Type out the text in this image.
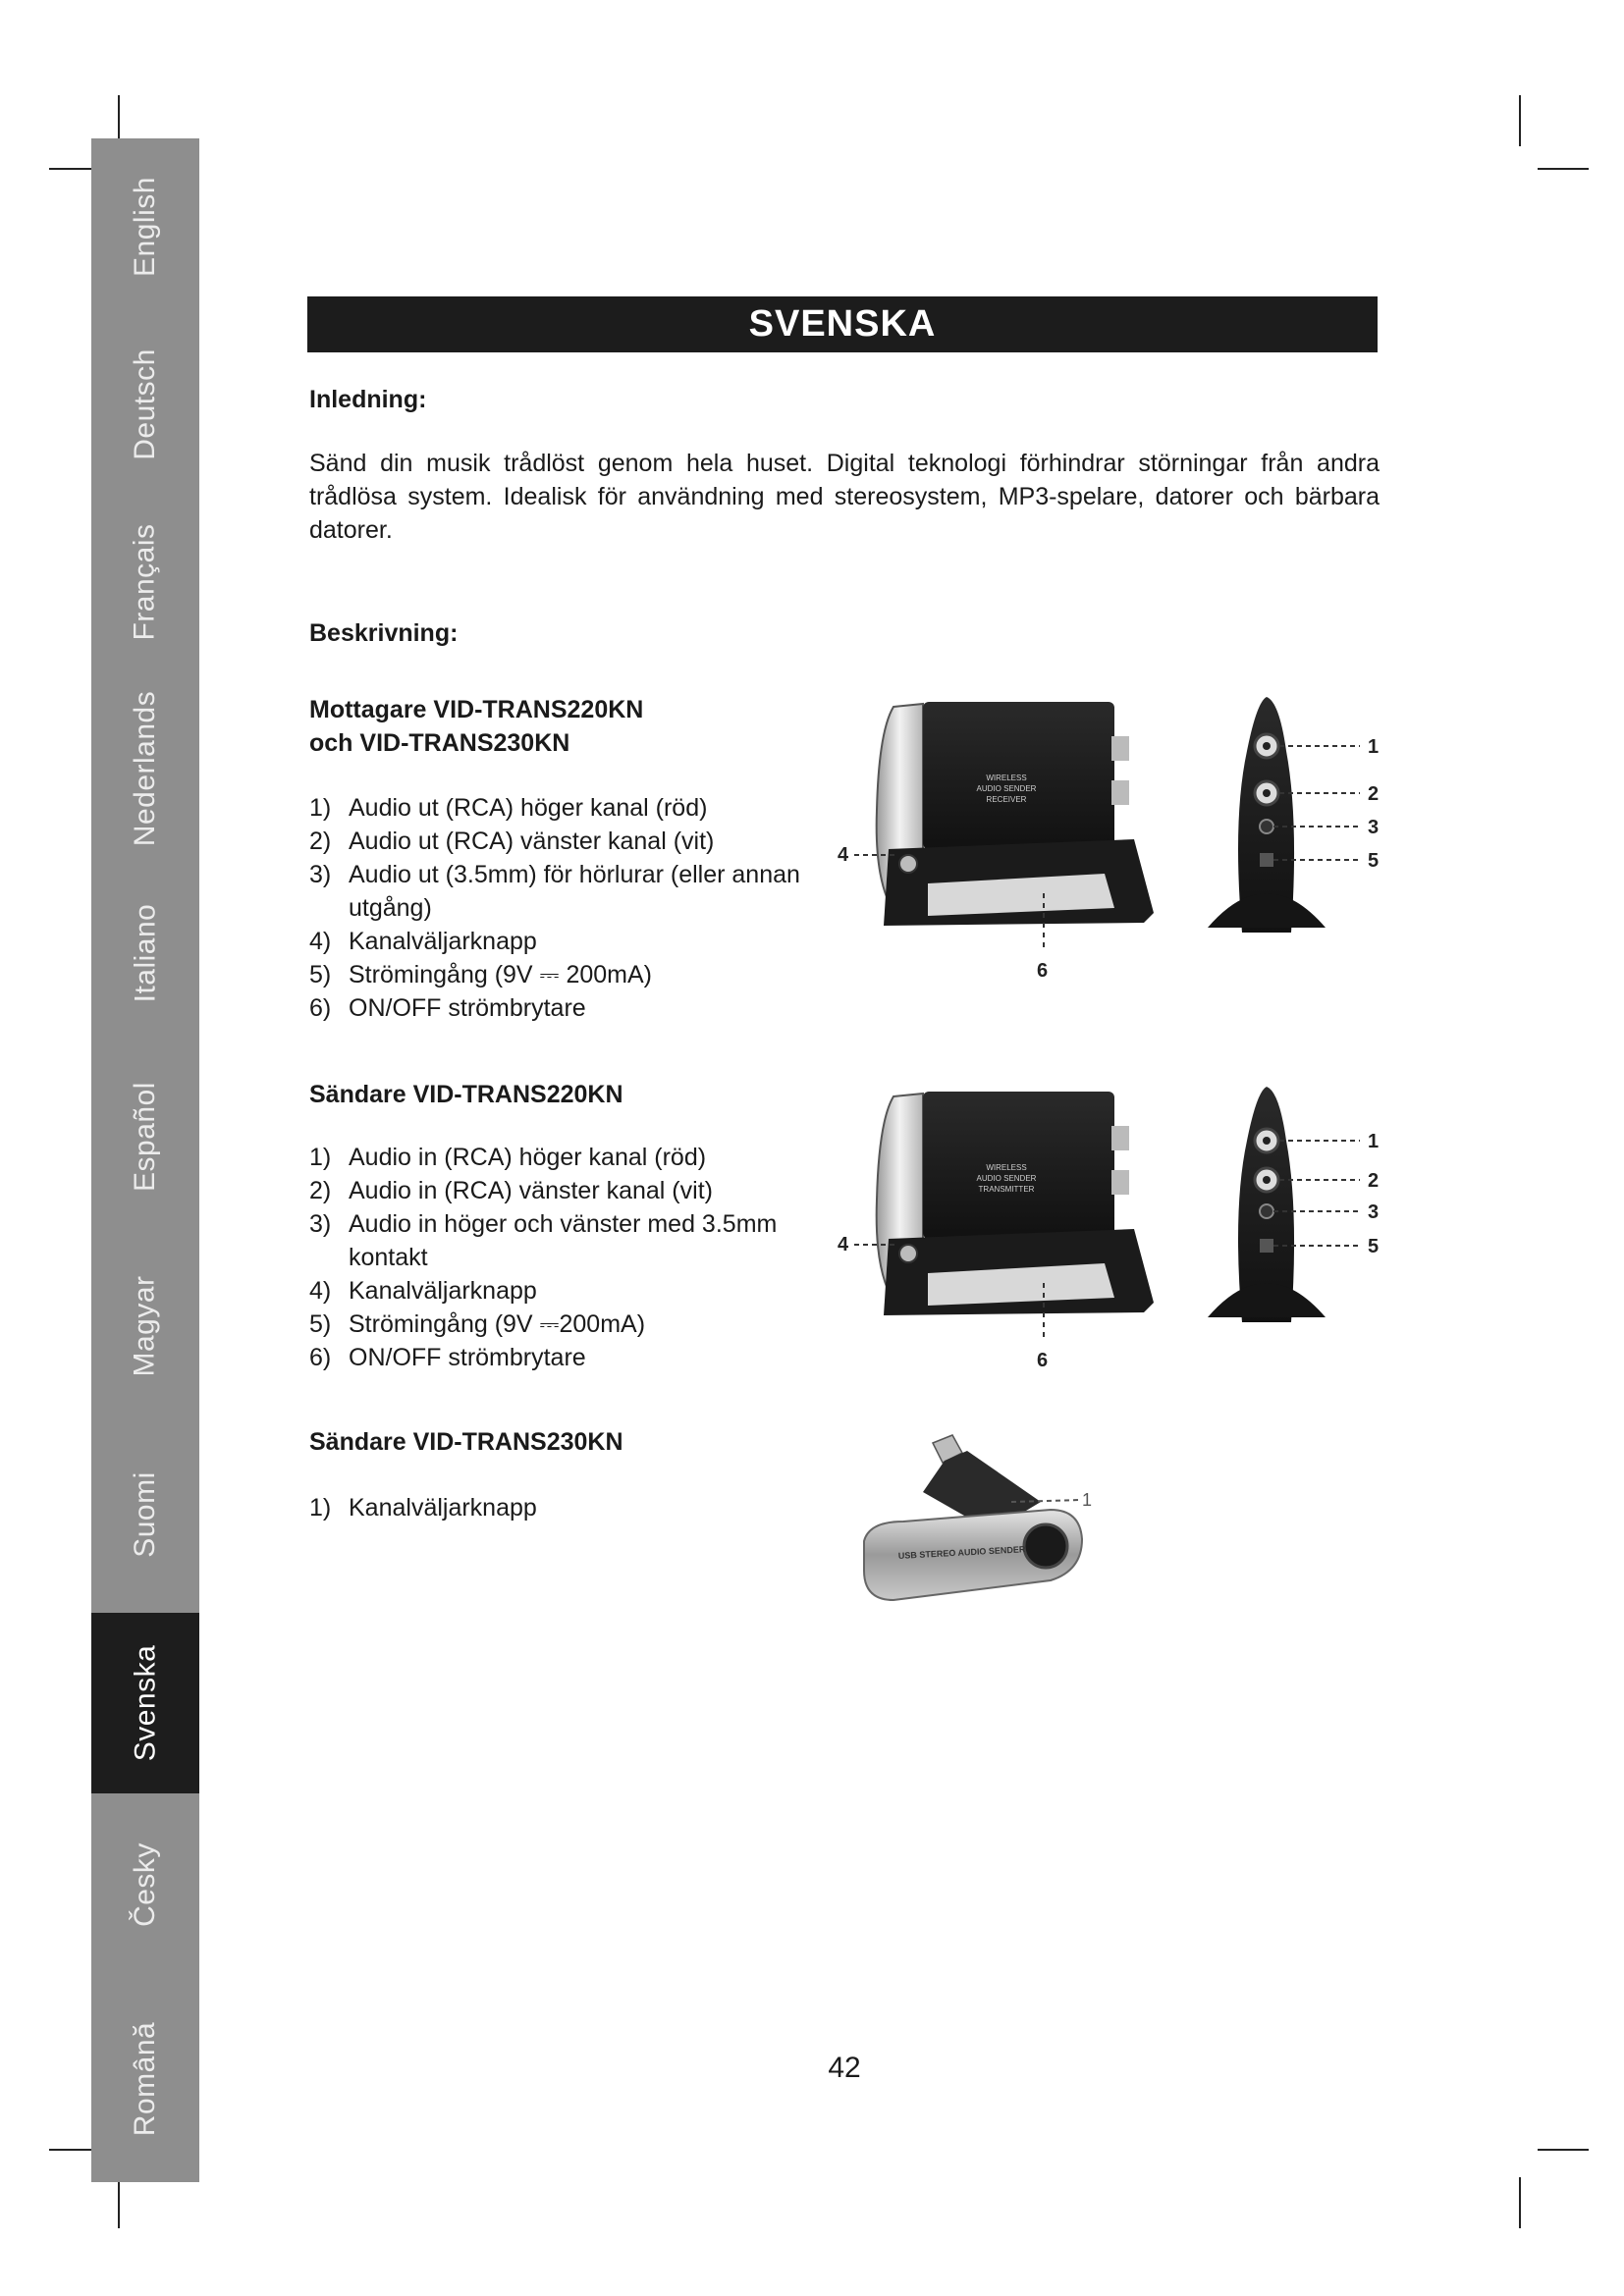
English
Deutsch
Français
Nederlands
Italiano
Español
Magyar
Suomi
Svenska
Česky
Română
SVENSKA
Inledning:
Sänd din musik trådlöst genom hela huset. Digital teknologi förhindrar störningar från andra trådlösa system. Idealisk för användning med stereosystem, MP3-spelare, datorer och bärbara datorer.
Beskrivning:
Mottagare VID-TRANS220KN
och VID-TRANS230KN
1) Audio ut (RCA) höger kanal (röd)
2) Audio ut (RCA) vänster kanal (vit)
3) Audio ut (3.5mm) för hörlurar (eller annan utgång)
4) Kanalväljarknapp
5) Strömingång (9V ⎓ 200mA)
6) ON/OFF strömbrytare
WIRELESS
AUDIO SENDER
RECEIVER
4
6
1
2
3
5
Sändare VID-TRANS220KN
1) Audio in (RCA) höger kanal (röd)
2) Audio in (RCA) vänster kanal (vit)
3) Audio in höger och vänster med 3.5mm kontakt
4) Kanalväljarknapp
5) Strömingång (9V ⎓200mA)
6) ON/OFF strömbrytare
WIRELESS
AUDIO SENDER
TRANSMITTER
4
6
1
2
3
5
Sändare VID-TRANS230KN
1) Kanalväljarknapp
USB STEREO AUDIO SENDER
1
42
